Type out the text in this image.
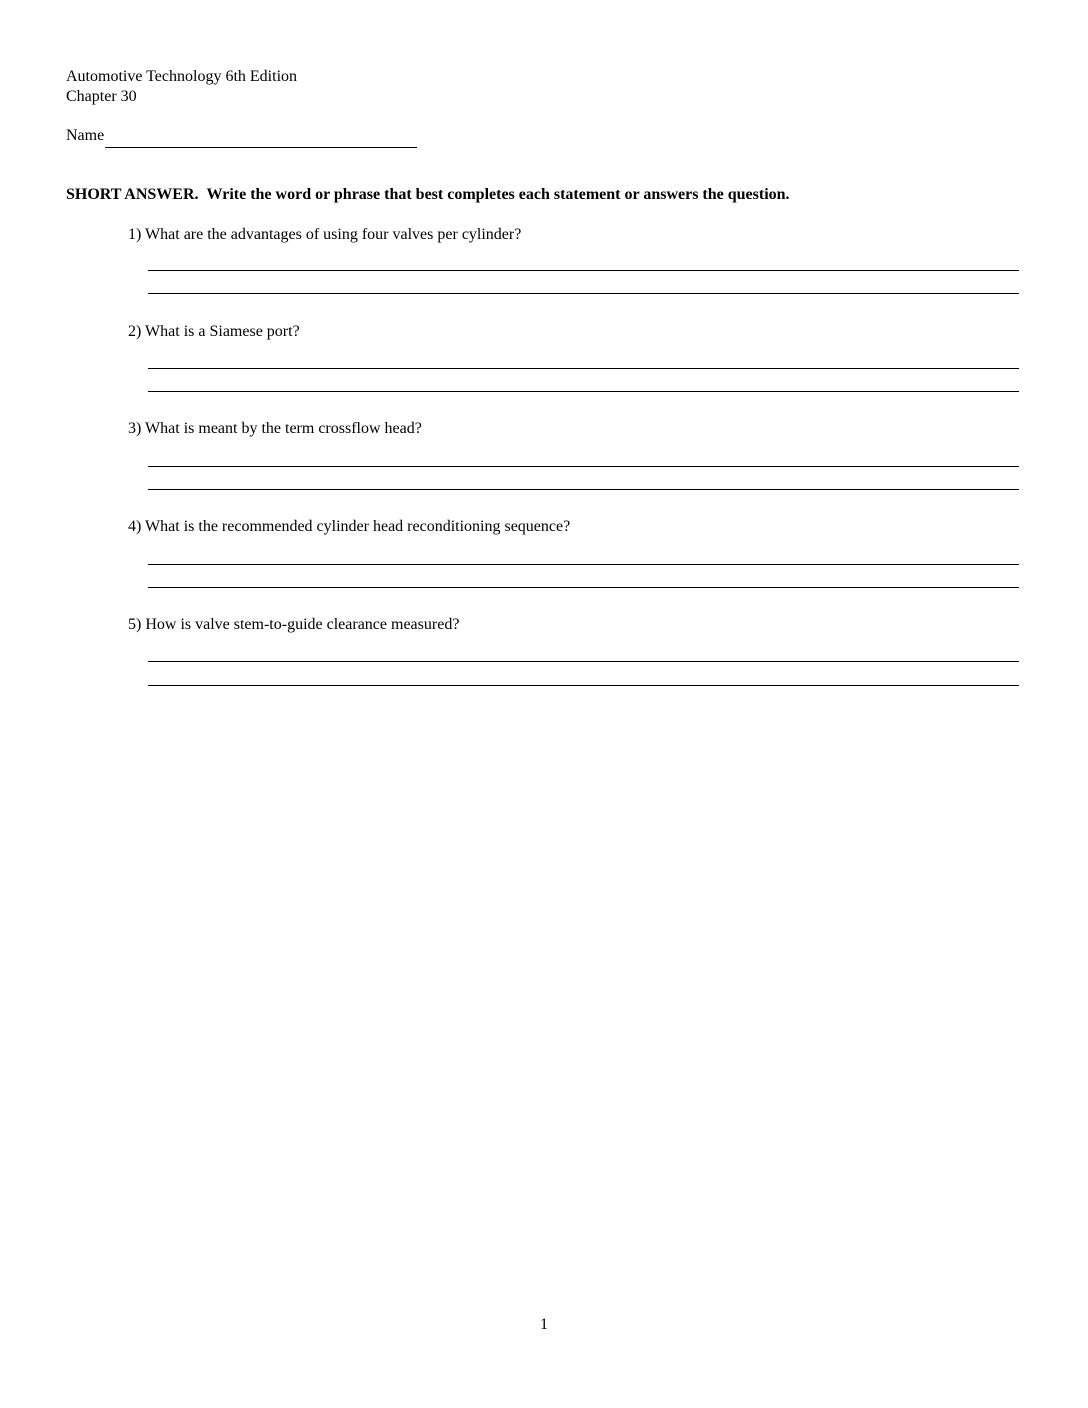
Automotive Technology 6th Edition
Chapter 30
Name
SHORT ANSWER. Write the word or phrase that best completes each statement or answers the question.
1) What are the advantages of using four valves per cylinder?
2) What is a Siamese port?
3) What is meant by the term crossflow head?
4) What is the recommended cylinder head reconditioning sequence?
5) How is valve stem-to-guide clearance measured?
1
